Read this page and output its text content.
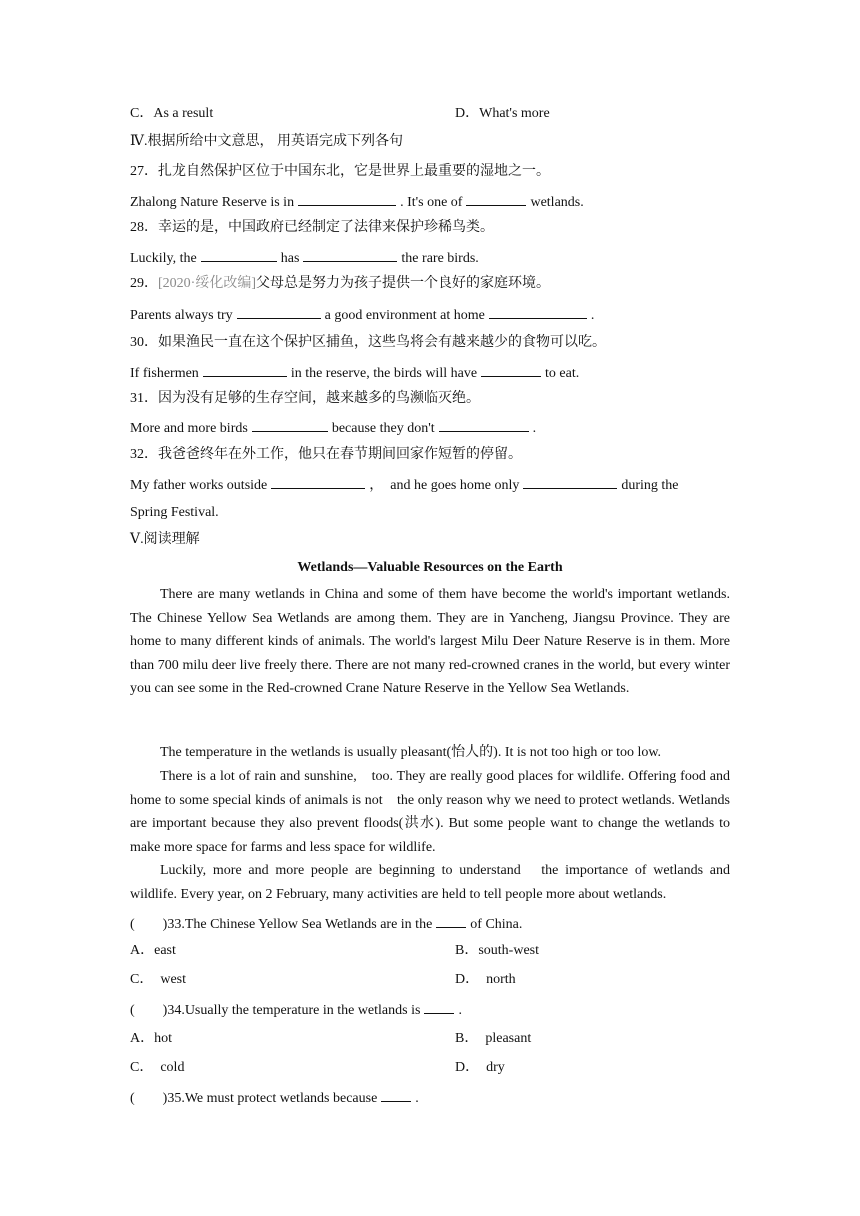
C．As a result	D．What's more
Ⅳ.根据所给中文意思， 用英语完成下列各句
27．扎龙自然保护区位于中国东北，它是世界上最重要的湿地之一。
Zhalong Nature Reserve is in	. It's one of	wetlands.
28．幸运的是，中国政府已经制定了法律来保护珍稀鸟类。
Luckily, the	has	the rare birds.
29．[2020·绥化改编]父母总是努力为孩子提供一个良好的家庭环境。
Parents always try	a good environment at home	.
30．如果渔民一直在这个保护区捕鱼，这些鸟将会有越来越少的食物可以吃。
If fishermen	in the reserve, the birds will have	to eat.
31．因为没有足够的生存空间，越来越多的鸟濒临灭绝。
More and more birds	because they don't	.
32．我爸爸终年在外工作，他只在春节期间回家作短暂的停留。
My father works outside	，　and he goes home only	during the
Spring Festival.
Ⅴ.阅读理解
Wetlands—Valuable Resources on the Earth
There are many wetlands in China and some of them have become the world's important wetlands. The Chinese Yellow Sea Wetlands are among them. They are in Yancheng, Jiangsu Province. They are home to many different kinds of animals. The world's largest Milu Deer Nature Reserve is in them. More than 700 milu deer live freely there. There are not many red-crowned cranes in the world, but every winter you can see some in the Red-crowned Crane Nature Reserve in the Yellow Sea Wetlands.
The temperature in the wetlands is usually pleasant(怡人的). It is not too high or too low.
There is a lot of rain and sunshine,　too. They are really good places for wildlife. Offering food and home to some special kinds of animals is not　the only reason why we need to protect wetlands. Wetlands are important because they also prevent floods(洪水). But some people want to change the wetlands to make more space for farms and less space for wildlife.
Luckily, more and more people are beginning to understand　the importance of wetlands and wildlife. Every year, on 2 February, many activities are held to tell people more about wetlands.
(　　)33.The Chinese Yellow Sea Wetlands are in the	of China.
A．east	B．south-west
C．　west	D．　north
(　　)34.Usually the temperature in the wetlands is	.
A．hot	B．　pleasant
C．　cold	D．　dry
(　　)35.We must protect wetlands because	.
